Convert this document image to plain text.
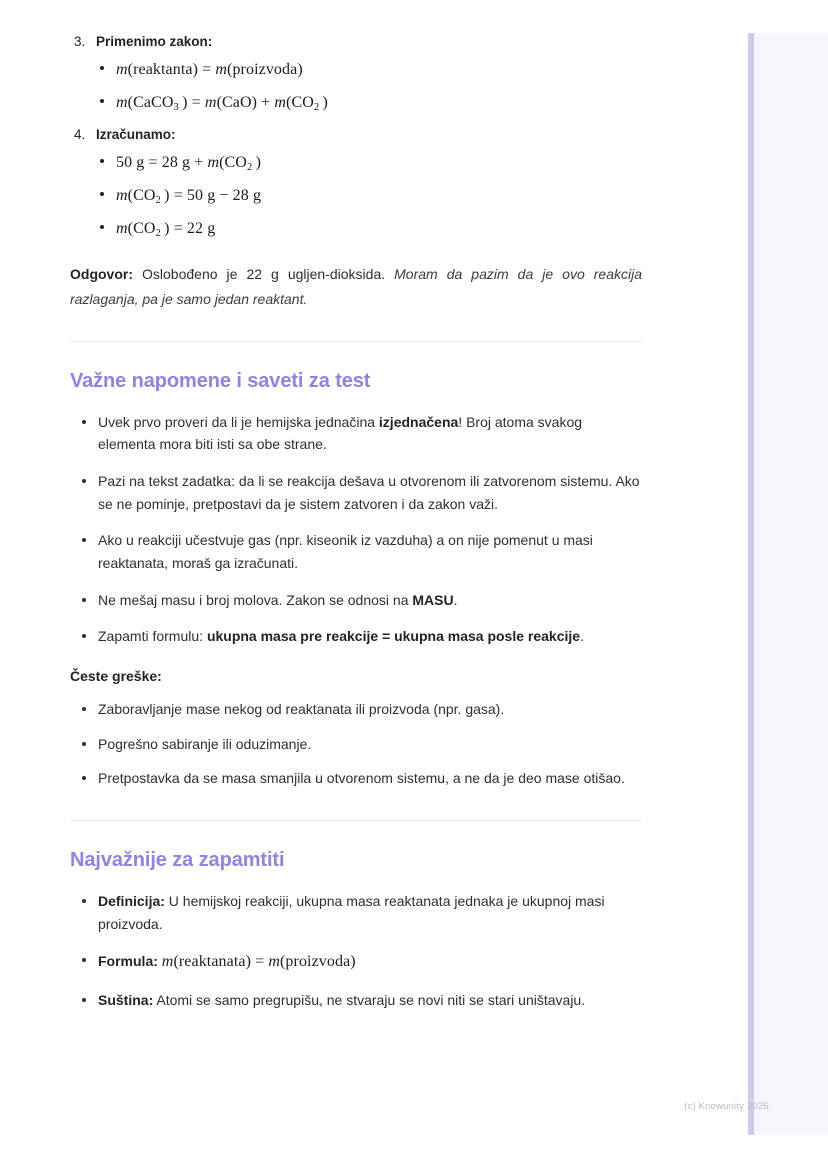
3. Primenimo zakon:
m(reaktanta) = m(proizvoda)
m(CaCO$_3$ ) = $m(CaO) + m(CO_2$ )
4. Izračunamo:
50 g = 28 $g + m(CO_2$ )
$m(CO_2$ ) = 50 g − 28 g
$m(CO_2$ ) = 22 g

Odgovor: Oslobođeno je 22 g ugljen-dioksida. Moram da pazim da je ovo reakcija razlaganja, pa je samo jedan reaktant.

Važne napomene i saveti za test
Uvek prvo proveri da li je hemijska jednačina izjednačena! Broj atoma svakog elementa mora biti isti sa obe strane.
Pazi na tekst zadatka: da li se reakcija dešava u otvorenom ili zatvorenom sistemu. Ako se ne pominje, pretpostavi da je sistem zatvoren i da zakon važi.
Ako u reakciji učestvuje gas (npr. kiseonik iz vazduha) a on nije pomenut u masi reaktanata, moraš ga izračunati.
Ne mešaj masu i broj molova. Zakon se odnosi na MASU.
Zapamti formulu: ukupna masa pre reakcije = ukupna masa posle reakcije.
Česte greške:
Zaboravljanje mase nekog od reaktanata ili proizvoda (npr. gasa).
Pogrešno sabiranje ili oduzimanje.
Pretpostavka da se masa smanjila u otvorenom sistemu, a ne da je deo mase otišao.
Najvažnije za zapamtiti
Definicija: U hemijskoj reakciji, ukupna masa reaktanata jednaka je ukupnoj masi proizvoda.
Formula: m(reaktanata) = m(proizvoda)
Suština: Atomi se samo pregrupišu, ne stvaraju se novi niti se stari uništavaju.
(c) Knowunity 2025
